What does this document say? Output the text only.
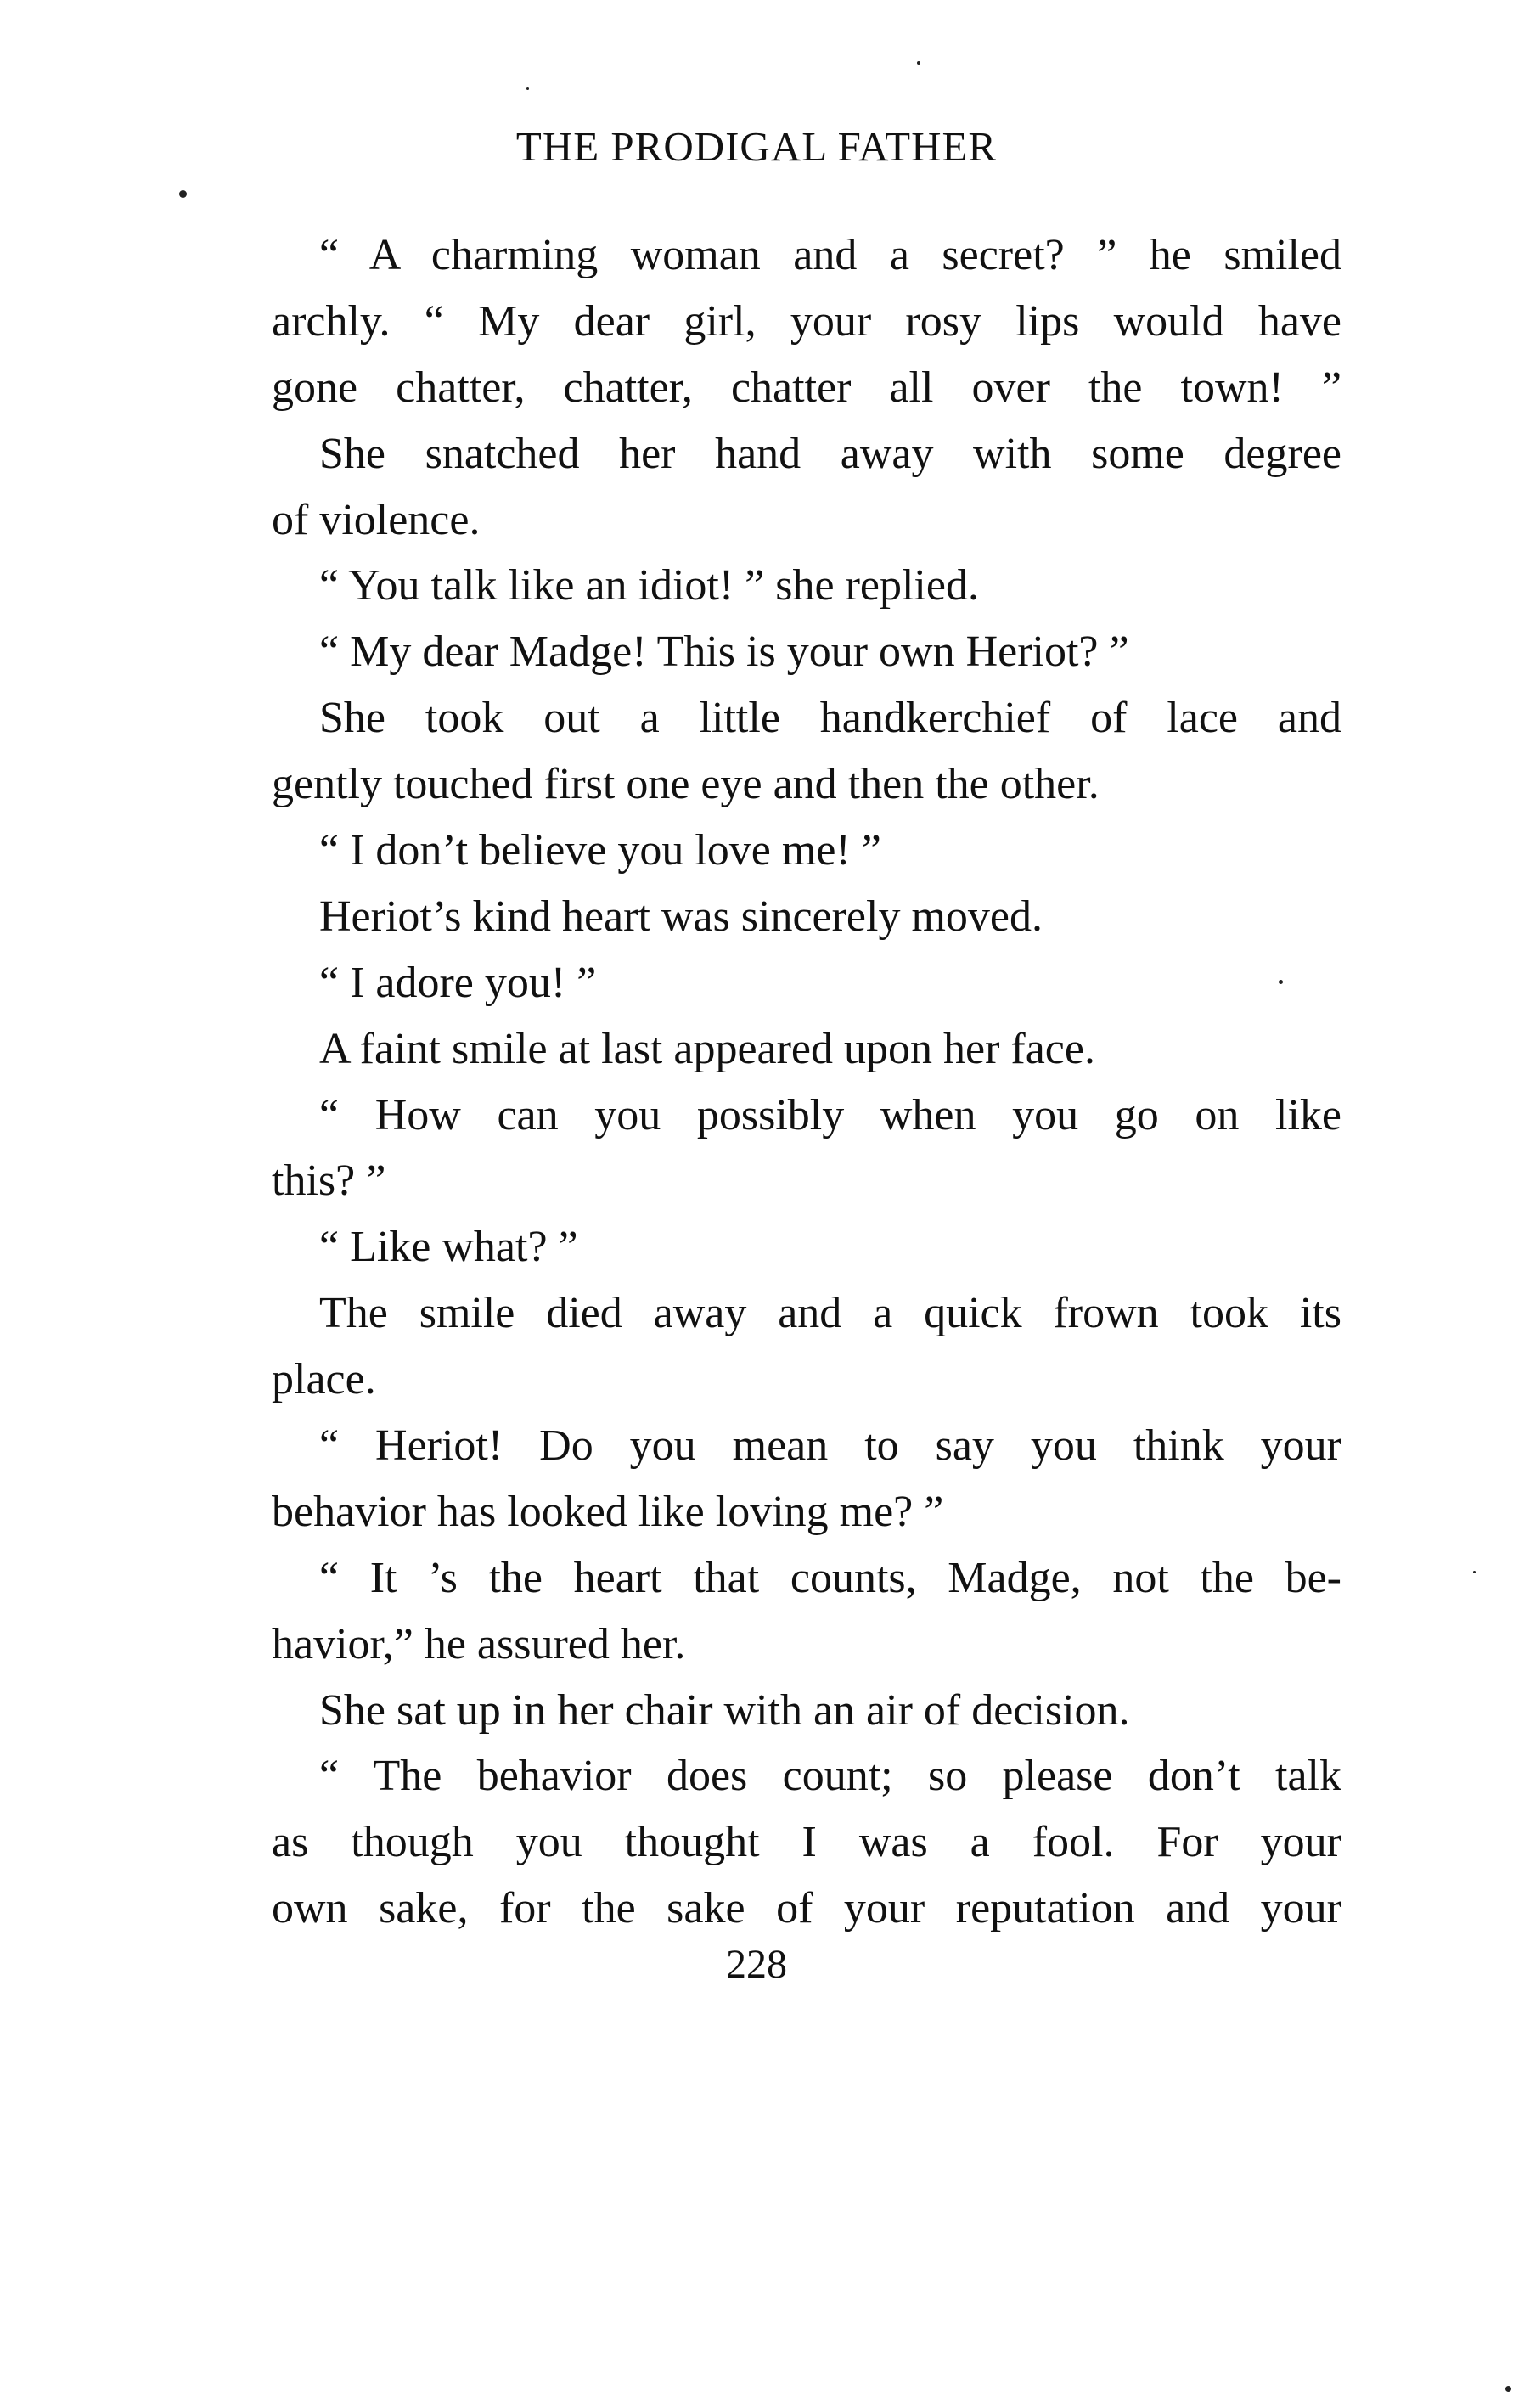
THE PRODIGAL FATHER
“ A charming woman and a secret? ” he smiled
archly. “ My dear girl, your rosy lips would have
gone chatter, chatter, chatter all over the town! ”
She snatched her hand away with some degree
of violence.
“ You talk like an idiot! ” she replied.
“ My dear Madge! This is your own Heriot? ”
She took out a little handkerchief of lace and
gently touched first one eye and then the other.
“ I don’t believe you love me! ”
Heriot’s kind heart was sincerely moved.
“ I adore you! ”
A faint smile at last appeared upon her face.
“ How can you possibly when you go on like
this? ”
“ Like what? ”
The smile died away and a quick frown took its
place.
“ Heriot! Do you mean to say you think your
behavior has looked like loving me? ”
“ It ’s the heart that counts, Madge, not the be-
havior,” he assured her.
She sat up in her chair with an air of decision.
“ The behavior does count; so please don’t talk
as though you thought I was a fool. For your
own sake, for the sake of your reputation and your
228
